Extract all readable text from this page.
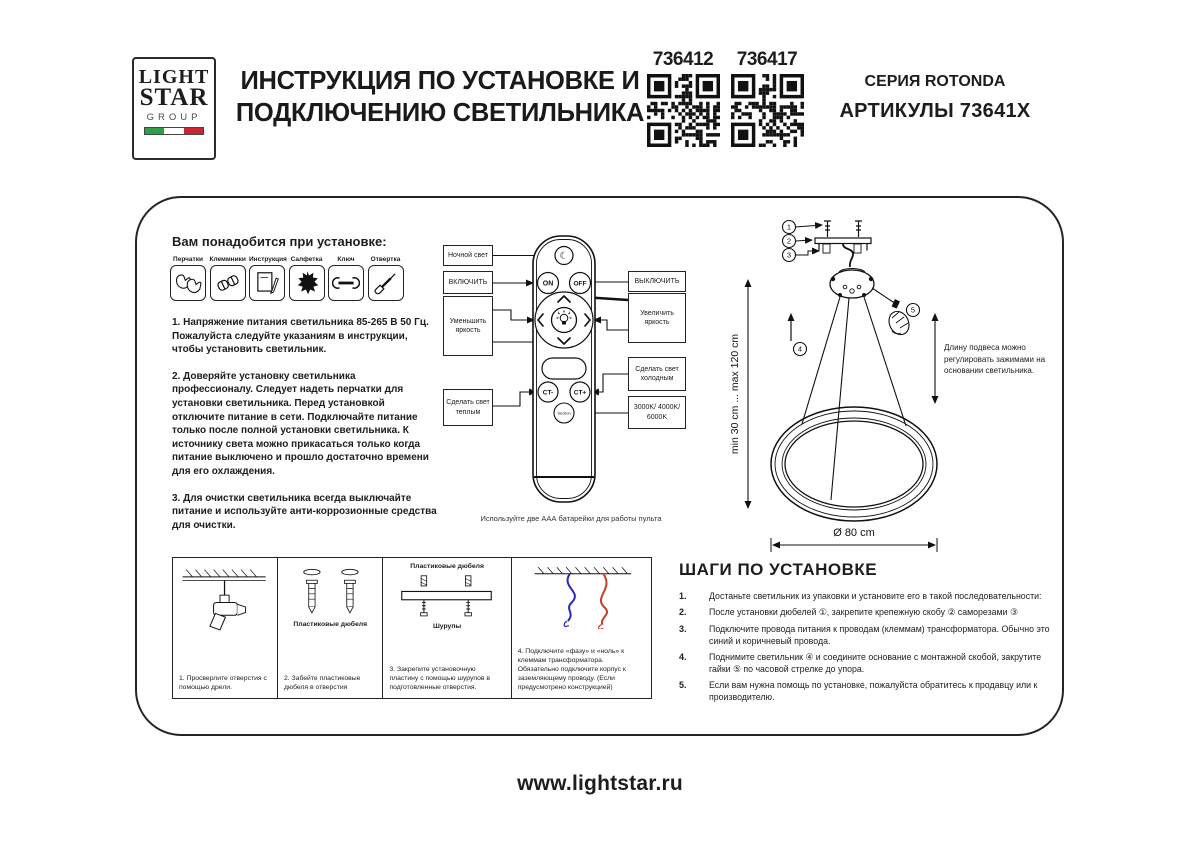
LIGHT
STAR
GROUP
ИНСТРУКЦИЯ ПО УСТАНОВКЕ И
ПОДКЛЮЧЕНИЮ СВЕТИЛЬНИКА
736412	736417
СЕРИЯ ROTONDA
АРТИКУЛЫ 73641X
Вам понадобится при установке:
Перчатки	Клеммники Инструкция Салфетка	Ключ	Отвертка

1. Напряжение питания светильника 85-265 В 50 Гц. Пожалуйста следуйте указаниям в инструкции, чтобы установить светильник.

2. Доверяйте установку светильника профессионалу. Следует надеть перчатки для установки светильника. Перед установкой отключите питание в сети. Подключайте питание только после полной установки светильника. К источнику света можно прикасаться только когда питание выключено и прошло достаточно времени для его охлаждения.

3. Для очистки светильника всегда выключайте питание и используйте анти-коррозионные средства для очистки.

☾
ON	OFF
CT-	CT+
Section
Ночной свет
ВКЛЮЧИТЬ
Уменьшить яркость
Сделать свет теплым
ВЫКЛЮЧИТЬ
Увеличить яркость
Сделать свет холодным
3000K/ 4000K/ 6000K
Используйте две ААА батарейки для работы пульта
1
2
3
4
5
min 30 cm ... max 120 cm
Ø 80 cm
Длину подвеса можно регулировать зажимами на основании светильника.
1. Просверлите отверстия с помощью дрели.
Пластиковые дюбеля
2. Забейте пластиковые дюбеля в отверстия
Пластиковые дюбеля
Шурупы
3. Закрепите установочную пластину с помощью шурупов в подготовленные отверстия.
4. Подключите «фазу» и «ноль» к клеммам трансформатора. Обязательно подключите корпус к заземляющему проводу. (Если предусмотрено конструкцией)
ШАГИ ПО УСТАНОВКЕ
1.	Достаньте светильник из упаковки и установите его в такой последовательности:
2.	После установки дюбелей ①, закрепите крепежную скобу ② саморезами ③
3.	Подключите провода питания к проводам (клеммам) трансформатора. Обычно это синий и коричневый провода.
4.	Поднимите светильник ④ и соедините основание с монтажной скобой, закрутите гайки ⑤ по часовой стрелке до упора.
5.	Если вам нужна помощь по установке, пожалуйста обратитесь к продавцу или к производителю.
www.lightstar.ru
